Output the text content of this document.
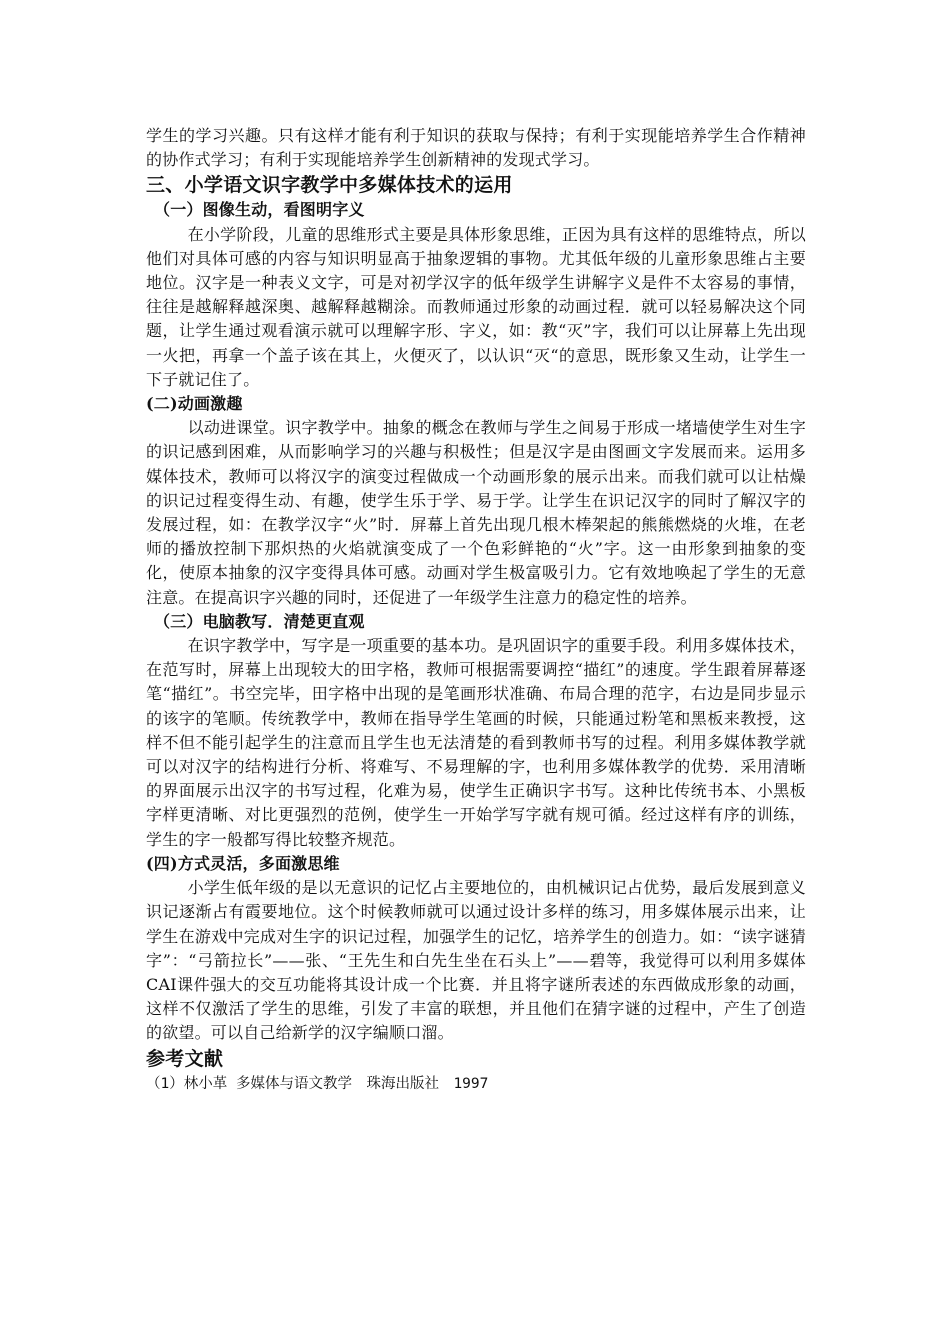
学生的学习兴趣。只有这样才能有利于知识的获取与保持；有利于实现能培养学生合作精神的协作式学习；有利于实现能培养学生创新精神的发现式学习。

三、小学语文识字教学中多媒体技术的运用
（一）图像生动，看图明字义

在小学阶段，儿童的思维形式主要是具体形象思维，正因为具有这样的思维特点，所以他们对具体可感的内容与知识明显高于抽象逻辑的事物。尤其低年级的儿童形象思维占主要地位。汉字是一种表义文字，可是对初学汉字的低年级学生讲解字义是件不太容易的事情，往往是越解释越深奥、越解释越糊涂。而教师通过形象的动画过程．就可以轻易解决这个同题，让学生通过观看演示就可以理解字形、字义，如：教“灭”字，我们可以让屏幕上先出现一火把，再拿一个盖子该在其上，火便灭了，以认识“灭“的意思，既形象又生动，让学生一下子就记住了。

(二)动画激趣

以动进课堂。识字教学中。抽象的概念在教师与学生之间易于形成一堵墙使学生对生字的识记感到困难，从而影响学习的兴趣与积极性；但是汉字是由图画文字发展而来。运用多媒体技术，教师可以将汉字的演变过程做成一个动画形象的展示出来。而我们就可以让枯燥的识记过程变得生动、有趣，使学生乐于学、易于学。让学生在识记汉字的同时了解汉字的发展过程，如：在教学汉字“火”时．屏幕上首先出现几根木棒架起的熊熊燃烧的火堆，在老师的播放控制下那炽热的火焰就演变成了一个色彩鲜艳的“火”字。这一由形象到抽象的变化，使原本抽象的汉字变得具体可感。动画对学生极富吸引力。它有效地唤起了学生的无意注意。在提高识字兴趣的同时，还促进了一年级学生注意力的稳定性的培养。

（三）电脑教写．清楚更直观

在识字教学中，写字是一项重要的基本功。是巩固识字的重要手段。利用多媒体技术，在范写时，屏幕上出现较大的田字格，教师可根据需要调控“描红”的速度。学生跟着屏幕逐笔“描红”。书空完毕，田字格中出现的是笔画形状准确、布局合理的范字，右边是同步显示的该字的笔顺。传统教学中，教师在指导学生笔画的时候，只能通过粉笔和黑板来教授，这样不但不能引起学生的注意而且学生也无法清楚的看到教师书写的过程。利用多媒体教学就可以对汉字的结构进行分析、将难写、不易理解的字，也利用多媒体教学的优势．采用清晰的界面展示出汉字的书写过程，化难为易，使学生正确识字书写。这种比传统书本、小黑板字样更清晰、对比更强烈的范例，使学生一开始学写字就有规可循。经过这样有序的训练，学生的字一般都写得比较整齐规范。

(四)方式灵活，多面激思维

小学生低年级的是以无意识的记忆占主要地位的，由机械识记占优势，最后发展到意义识记逐渐占有霞要地位。这个时候教师就可以通过设计多样的练习，用多媒体展示出来，让学生在游戏中完成对生字的识记过程，加强学生的记忆，培养学生的创造力。如：“读字谜猜字”：“弓箭拉长”——张、“王先生和白先生坐在石头上”——碧等，我觉得可以利用多媒体CAI课件强大的交互功能将其设计成一个比赛．并且将字谜所表述的东西做成形象的动画，这样不仅激活了学生的思维，引发了丰富的联想，并且他们在猜字谜的过程中，产生了创造的欲望。可以自己给新学的汉字编顺口溜。

参考文献

（1）林小革 多媒体与语文教学　珠海出版社　1997
